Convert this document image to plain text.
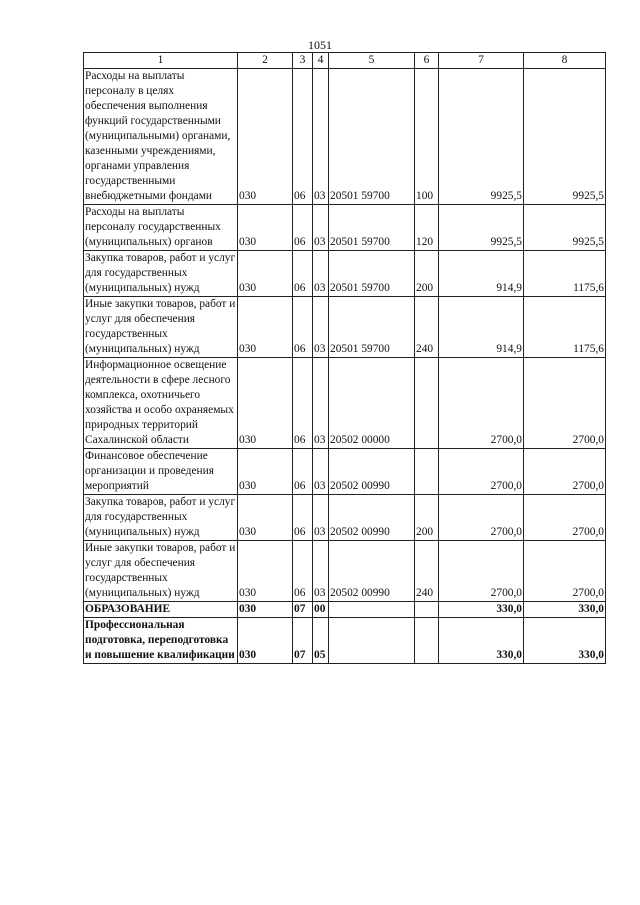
1051
1	2	3	4	5	6	7	8
Расходы на выплаты персоналу в целях обеспечения выполнения функций государственными (муниципальными) органами, казенными учреждениями, органами управления государственными внебюджетными фондами	030	06	03	20501 59700	100	9925,5	9925,5
Расходы на выплаты персоналу государственных (муниципальных) органов	030	06	03	20501 59700	120	9925,5	9925,5
Закупка товаров, работ и услуг для государственных (муниципальных) нужд	030	06	03	20501 59700	200	914,9	1175,6
Иные закупки товаров, работ и услуг для обеспечения государственных (муниципальных) нужд	030	06	03	20501 59700	240	914,9	1175,6
Информационное освещение деятельности в сфере лесного комплекса, охотничьего хозяйства и особо охраняемых природных территорий Сахалинской области	030	06	03	20502 00000		2700,0	2700,0
Финансовое обеспечение организации и проведения мероприятий	030	06	03	20502 00990		2700,0	2700,0
Закупка товаров, работ и услуг для государственных (муниципальных) нужд	030	06	03	20502 00990	200	2700,0	2700,0
Иные закупки товаров, работ и услуг для обеспечения государственных (муниципальных) нужд	030	06	03	20502 00990	240	2700,0	2700,0
ОБРАЗОВАНИЕ	030	07	00			330,0	330,0
Профессиональная подготовка, переподготовка и повышение квалификации	030	07	05			330,0	330,0
